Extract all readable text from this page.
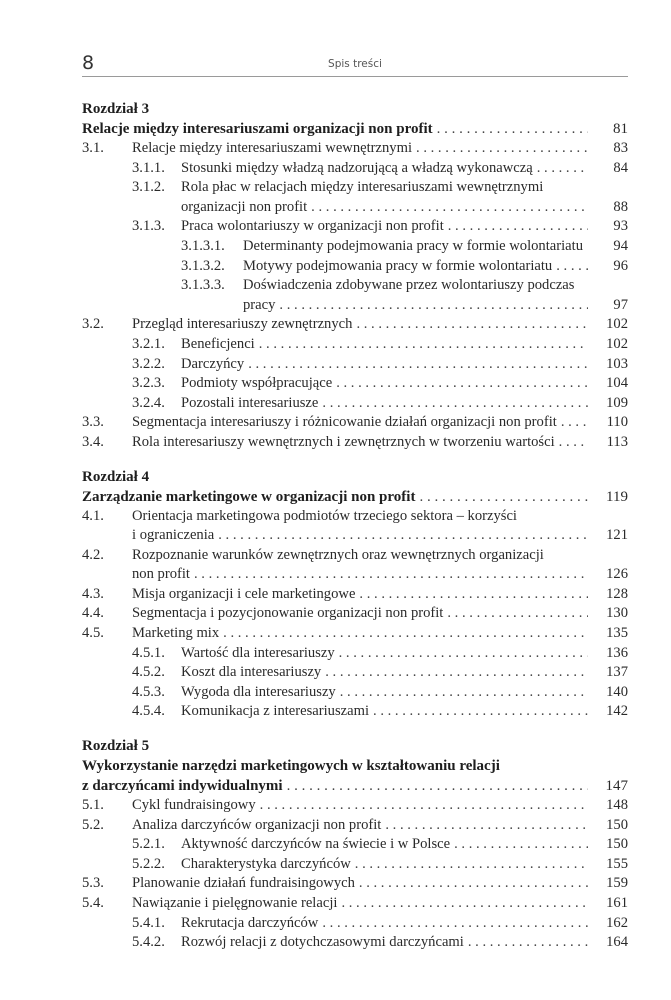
8	Spis treści
Rozdział 3
Relacje między interesariuszami organizacji non profit . . .	81
3.1.	Relacje między interesariuszami wewnętrznymi . . .	83
3.1.1.	Stosunki między władzą nadzorującą a władzą wykonawczą . . .	84
3.1.2.	Rola płac w relacjach między interesariuszami wewnętrznymi
organizacji non profit . . .	88
3.1.3.	Praca wolontariuszy w organizacji non profit . . .	93
3.1.3.1.	Determinanty podejmowania pracy w formie wolontariatu . . .	94
3.1.3.2.	Motywy podejmowania pracy w formie wolontariatu . . .	96
3.1.3.3.	Doświadczenia zdobywane przez wolontariuszy podczas
pracy . . .	97
3.2.	Przegląd interesariuszy zewnętrznych . . .	102
3.2.1.	Beneficjenci . . .	102
3.2.2.	Darczyńcy . . .	103
3.2.3.	Podmioty współpracujące . . .	104
3.2.4.	Pozostali interesariusze . . .	109
3.3.	Segmentacja interesariuszy i różnicowanie działań organizacji non profit . . .	110
3.4.	Rola interesariuszy wewnętrznych i zewnętrznych w tworzeniu wartości . . .	113
Rozdział 4
Zarządzanie marketingowe w organizacji non profit . . .	119
4.1.	Orientacja marketingowa podmiotów trzeciego sektora – korzyści
i ograniczenia . . .	121
4.2.	Rozpoznanie warunków zewnętrznych oraz wewnętrznych organizacji
non profit . . .	126
4.3.	Misja organizacji i cele marketingowe . . .	128
4.4.	Segmentacja i pozycjonowanie organizacji non profit . . .	130
4.5.	Marketing mix . . .	135
4.5.1.	Wartość dla interesariuszy . . .	136
4.5.2.	Koszt dla interesariuszy . . .	137
4.5.3.	Wygoda dla interesariuszy . . .	140
4.5.4.	Komunikacja z interesariuszami . . .	142
Rozdział 5
Wykorzystanie narzędzi marketingowych w kształtowaniu relacji
z darczyńcami indywidualnymi . . .	147
5.1.	Cykl fundraisingowy . . .	148
5.2.	Analiza darczyńców organizacji non profit . . .	150
5.2.1.	Aktywność darczyńców na świecie i w Polsce . . .	150
5.2.2.	Charakterystyka darczyńców . . .	155
5.3.	Planowanie działań fundraisingowych . . .	159
5.4.	Nawiązanie i pielęgnowanie relacji . . .	161
5.4.1.	Rekrutacja darczyńców . . .	162
5.4.2.	Rozwój relacji z dotychczasowymi darczyńcami . . .	164
